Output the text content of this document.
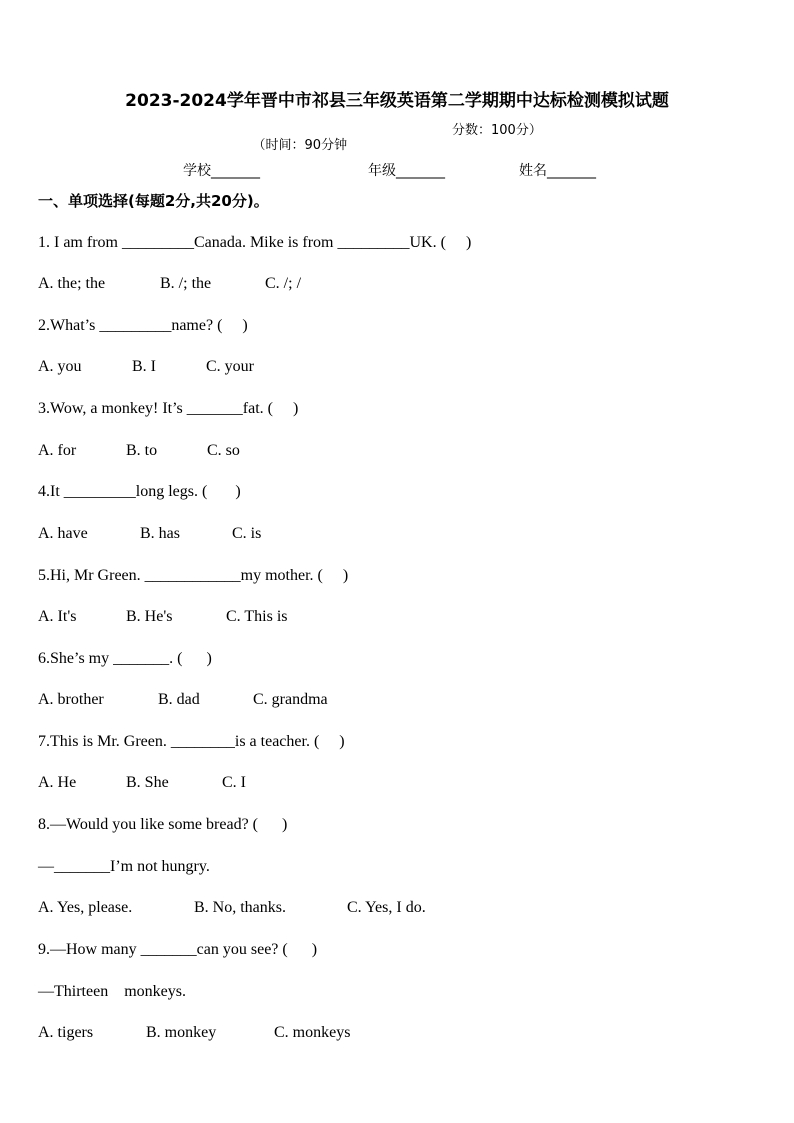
2023-2024学年晋中市祁县三年级英语第二学期期中达标检测模拟试题

（时间：90分钟

分数：100分）

学校_______	年级_______	姓名_______
一、单项选择(每题2分,共20分)。
1. I am from _________Canada. Mike is from _________UK. (     )
A. the; the	B. /; the	C. /; /
2.What’s _________name? (     )
A. you	B. I	C. your
3.Wow, a monkey! It’s _______fat. (     )
A. for	B. to	C. so
4.It _________long legs. (       )
A. have	B. has	C. is
5.Hi, Mr Green. ____________my mother. (     )
A. It's	B. He's	C. This is
6.She’s my _______. (      )
A. brother	B. dad	C. grandma
7.This is Mr. Green. ________is a teacher. (     )
A. He	B. She	C. I
8.—Would you like some bread? (      )
—_______I’m not hungry.
A. Yes, please.	B. No, thanks.	C. Yes, I do.
9.—How many _______can you see? (      )
—Thirteen    monkeys.
A. tigers	B. monkey	C. monkeys
